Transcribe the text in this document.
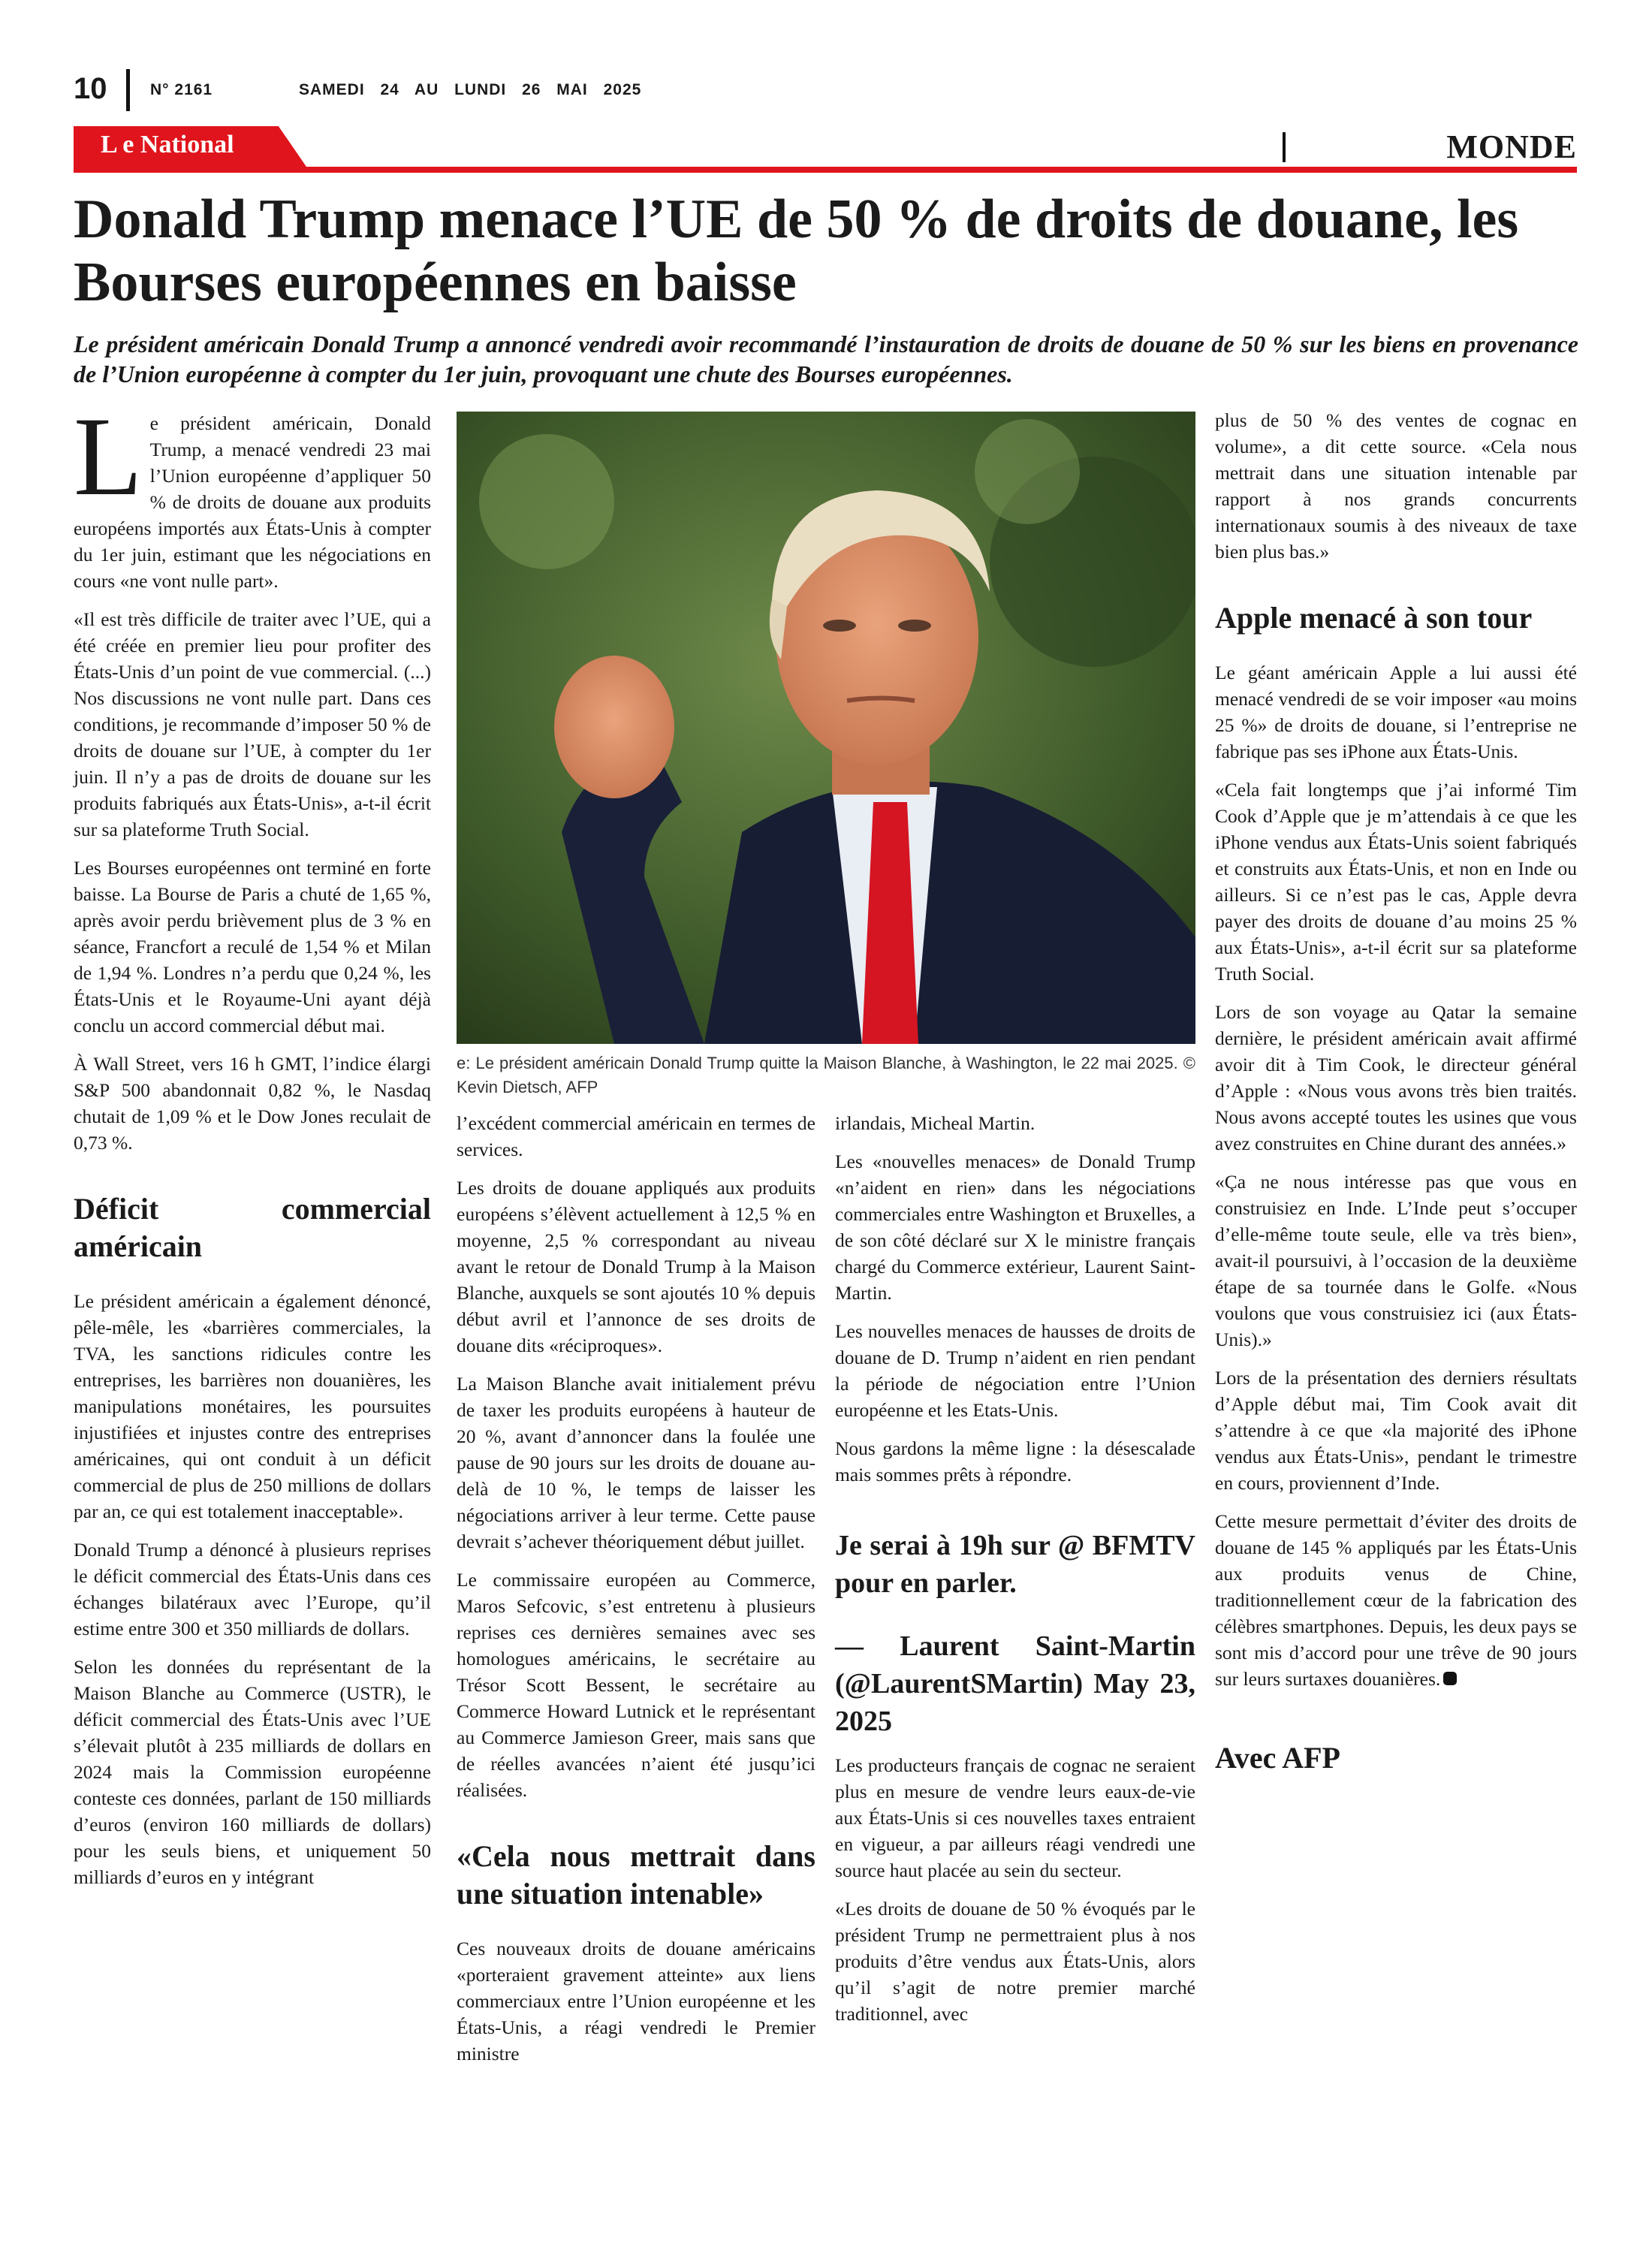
10	N° 2161	SAMEDI 24 AU LUNDI 26 MAI 2025
L e National	MONDE
Donald Trump menace l’UE de 50 % de droits de douane, les Bourses européennes en baisse

Le président américain Donald Trump a annoncé vendredi avoir recommandé l’instauration de droits de douane de 50 % sur les biens en provenance de l’Union européenne à compter du 1er juin, provoquant une chute des Bourses européennes.

Le président américain, Donald Trump, a menacé vendredi 23 mai l’Union européenne d’appliquer 50 % de droits de douane aux produits européens importés aux États-Unis à compter du 1er juin, estimant que les négociations en cours «ne vont nulle part».

«Il est très difficile de traiter avec l’UE, qui a été créée en premier lieu pour profiter des États-Unis d’un point de vue commercial. (...) Nos discussions ne vont nulle part. Dans ces conditions, je recommande d’imposer 50 % de droits de douane sur l’UE, à compter du 1er juin. Il n’y a pas de droits de douane sur les produits fabriqués aux États-Unis», a-t-il écrit sur sa plateforme Truth Social.

Les Bourses européennes ont terminé en forte baisse. La Bourse de Paris a chuté de 1,65 %, après avoir perdu brièvement plus de 3 % en séance, Francfort a reculé de 1,54 % et Milan de 1,94 %. Londres n’a perdu que 0,24 %, les États-Unis et le Royaume-Uni ayant déjà conclu un accord commercial début mai.

À Wall Street, vers 16 h GMT, l’indice élargi S&P 500 abandonnait 0,82 %, le Nasdaq chutait de 1,09 % et le Dow Jones reculait de 0,73 %.

Déficit commercial américain

Le président américain a également dénoncé, pêle-mêle, les «barrières commerciales, la TVA, les sanctions ridicules contre les entreprises, les barrières non douanières, les manipulations monétaires, les poursuites injustifiées et injustes contre des entreprises américaines, qui ont conduit à un déficit commercial de plus de 250 millions de dollars par an, ce qui est totalement inacceptable».

Donald Trump a dénoncé à plusieurs reprises le déficit commercial des États-Unis dans ces échanges bilatéraux avec l’Europe, qu’il estime entre 300 et 350 milliards de dollars.

Selon les données du représentant de la Maison Blanche au Commerce (USTR), le déficit commercial des États-Unis avec l’UE s’élevait plutôt à 235 milliards de dollars en 2024 mais la Commission européenne conteste ces données, parlant de 150 milliards d’euros (environ 160 milliards de dollars) pour les seuls biens, et uniquement 50 milliards d’euros en y intégrant

e: Le président américain Donald Trump quitte la Maison Blanche, à Washington, le 22 mai 2025. © Kevin Dietsch, AFP

l’excédent commercial américain en termes de services.

Les droits de douane appliqués aux produits européens s’élèvent actuellement à 12,5 % en moyenne, 2,5 % correspondant au niveau avant le retour de Donald Trump à la Maison Blanche, auxquels se sont ajoutés 10 % depuis début avril et l’annonce de ses droits de douane dits «réciproques».

La Maison Blanche avait initialement prévu de taxer les produits européens à hauteur de 20 %, avant d’annoncer dans la foulée une pause de 90 jours sur les droits de douane au-delà de 10 %, le temps de laisser les négociations arriver à leur terme. Cette pause devrait s’achever théoriquement début juillet.

Le commissaire européen au Commerce, Maros Sefcovic, s’est entretenu à plusieurs reprises ces dernières semaines avec ses homologues américains, le secrétaire au Trésor Scott Bessent, le secrétaire au Commerce Howard Lutnick et le représentant au Commerce Jamieson Greer, mais sans que de réelles avancées n’aient été jusqu’ici réalisées.

«Cela nous mettrait dans une situation intenable»

Ces nouveaux droits de douane américains «porteraient gravement atteinte» aux liens commerciaux entre l’Union européenne et les États-Unis, a réagi vendredi le Premier ministre

irlandais, Micheal Martin.

Les «nouvelles menaces» de Donald Trump «n’aident en rien» dans les négociations commerciales entre Washington et Bruxelles, a de son côté déclaré sur X le ministre français chargé du Commerce extérieur, Laurent Saint-Martin.

Les nouvelles menaces de hausses de droits de douane de D. Trump n’aident en rien pendant la période de négociation entre l’Union européenne et les Etats-Unis.

Nous gardons la même ligne : la désescalade mais sommes prêts à répondre.

Je serai à 19h sur @ BFMTV pour en parler.
— Laurent Saint-Martin (@LaurentSMartin) May 23, 2025

Les producteurs français de cognac ne seraient plus en mesure de vendre leurs eaux-de-vie aux États-Unis si ces nouvelles taxes entraient en vigueur, a par ailleurs réagi vendredi une source haut placée au sein du secteur.

«Les droits de douane de 50 % évoqués par le président Trump ne permettraient plus à nos produits d’être vendus aux États-Unis, alors qu’il s’agit de notre premier marché traditionnel, avec

plus de 50 % des ventes de cognac en volume», a dit cette source. «Cela nous mettrait dans une situation intenable par rapport à nos grands concurrents internationaux soumis à des niveaux de taxe bien plus bas.»

Apple menacé à son tour

Le géant américain Apple a lui aussi été menacé vendredi de se voir imposer «au moins 25 %» de droits de douane, si l’entreprise ne fabrique pas ses iPhone aux États-Unis.

«Cela fait longtemps que j’ai informé Tim Cook d’Apple que je m’attendais à ce que les iPhone vendus aux États-Unis soient fabriqués et construits aux États-Unis, et non en Inde ou ailleurs. Si ce n’est pas le cas, Apple devra payer des droits de douane d’au moins 25 % aux États-Unis», a-t-il écrit sur sa plateforme Truth Social.

Lors de son voyage au Qatar la semaine dernière, le président américain avait affirmé avoir dit à Tim Cook, le directeur général d’Apple : «Nous vous avons très bien traités. Nous avons accepté toutes les usines que vous avez construites en Chine durant des années.»

«Ça ne nous intéresse pas que vous en construisiez en Inde. L’Inde peut s’occuper d’elle-même toute seule, elle va très bien», avait-il poursuivi, à l’occasion de la deuxième étape de sa tournée dans le Golfe. «Nous voulons que vous construisiez ici (aux États-Unis).»

Lors de la présentation des derniers résultats d’Apple début mai, Tim Cook avait dit s’attendre à ce que «la majorité des iPhone vendus aux États-Unis», pendant le trimestre en cours, proviennent d’Inde.

Cette mesure permettait d’éviter des droits de douane de 145 % appliqués par les États-Unis aux produits venus de Chine, traditionnellement cœur de la fabrication des célèbres smartphones. Depuis, les deux pays se sont mis d’accord pour une trêve de 90 jours sur leurs surtaxes douanières.

Avec AFP
